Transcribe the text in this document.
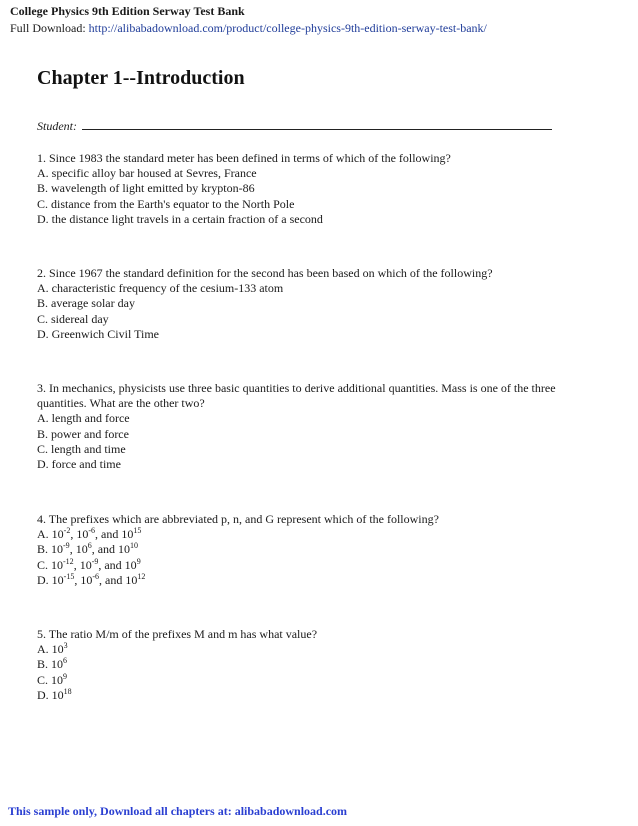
College Physics 9th Edition Serway Test Bank
Full Download: http://alibabadownload.com/product/college-physics-9th-edition-serway-test-bank/
Chapter 1--Introduction
Student:
1. Since 1983 the standard meter has been defined in terms of which of the following?
A. specific alloy bar housed at Sevres, France
B. wavelength of light emitted by krypton-86
C. distance from the Earth's equator to the North Pole
D. the distance light travels in a certain fraction of a second
2. Since 1967 the standard definition for the second has been based on which of the following?
A. characteristic frequency of the cesium-133 atom
B. average solar day
C. sidereal day
D. Greenwich Civil Time
3. In mechanics, physicists use three basic quantities to derive additional quantities. Mass is one of the three quantities. What are the other two?
A. length and force
B. power and force
C. length and time
D. force and time
4. The prefixes which are abbreviated p, n, and G represent which of the following?
A. $10^{-2}$, $10^{-6}$, and $10^{15}$
B. $10^{-9}$, $10^6$, and $10^{10}$
C. $10^{-12}$, $10^{-9}$, and $10^9$
D. $10^{-15}$, $10^{-6}$, and $10^{12}$
5. The ratio M/m of the prefixes M and m has what value?
A. $10^3$
B. $10^6$
C. $10^9$
D. $10^{18}$
This sample only, Download all chapters at: alibabadownload.com
